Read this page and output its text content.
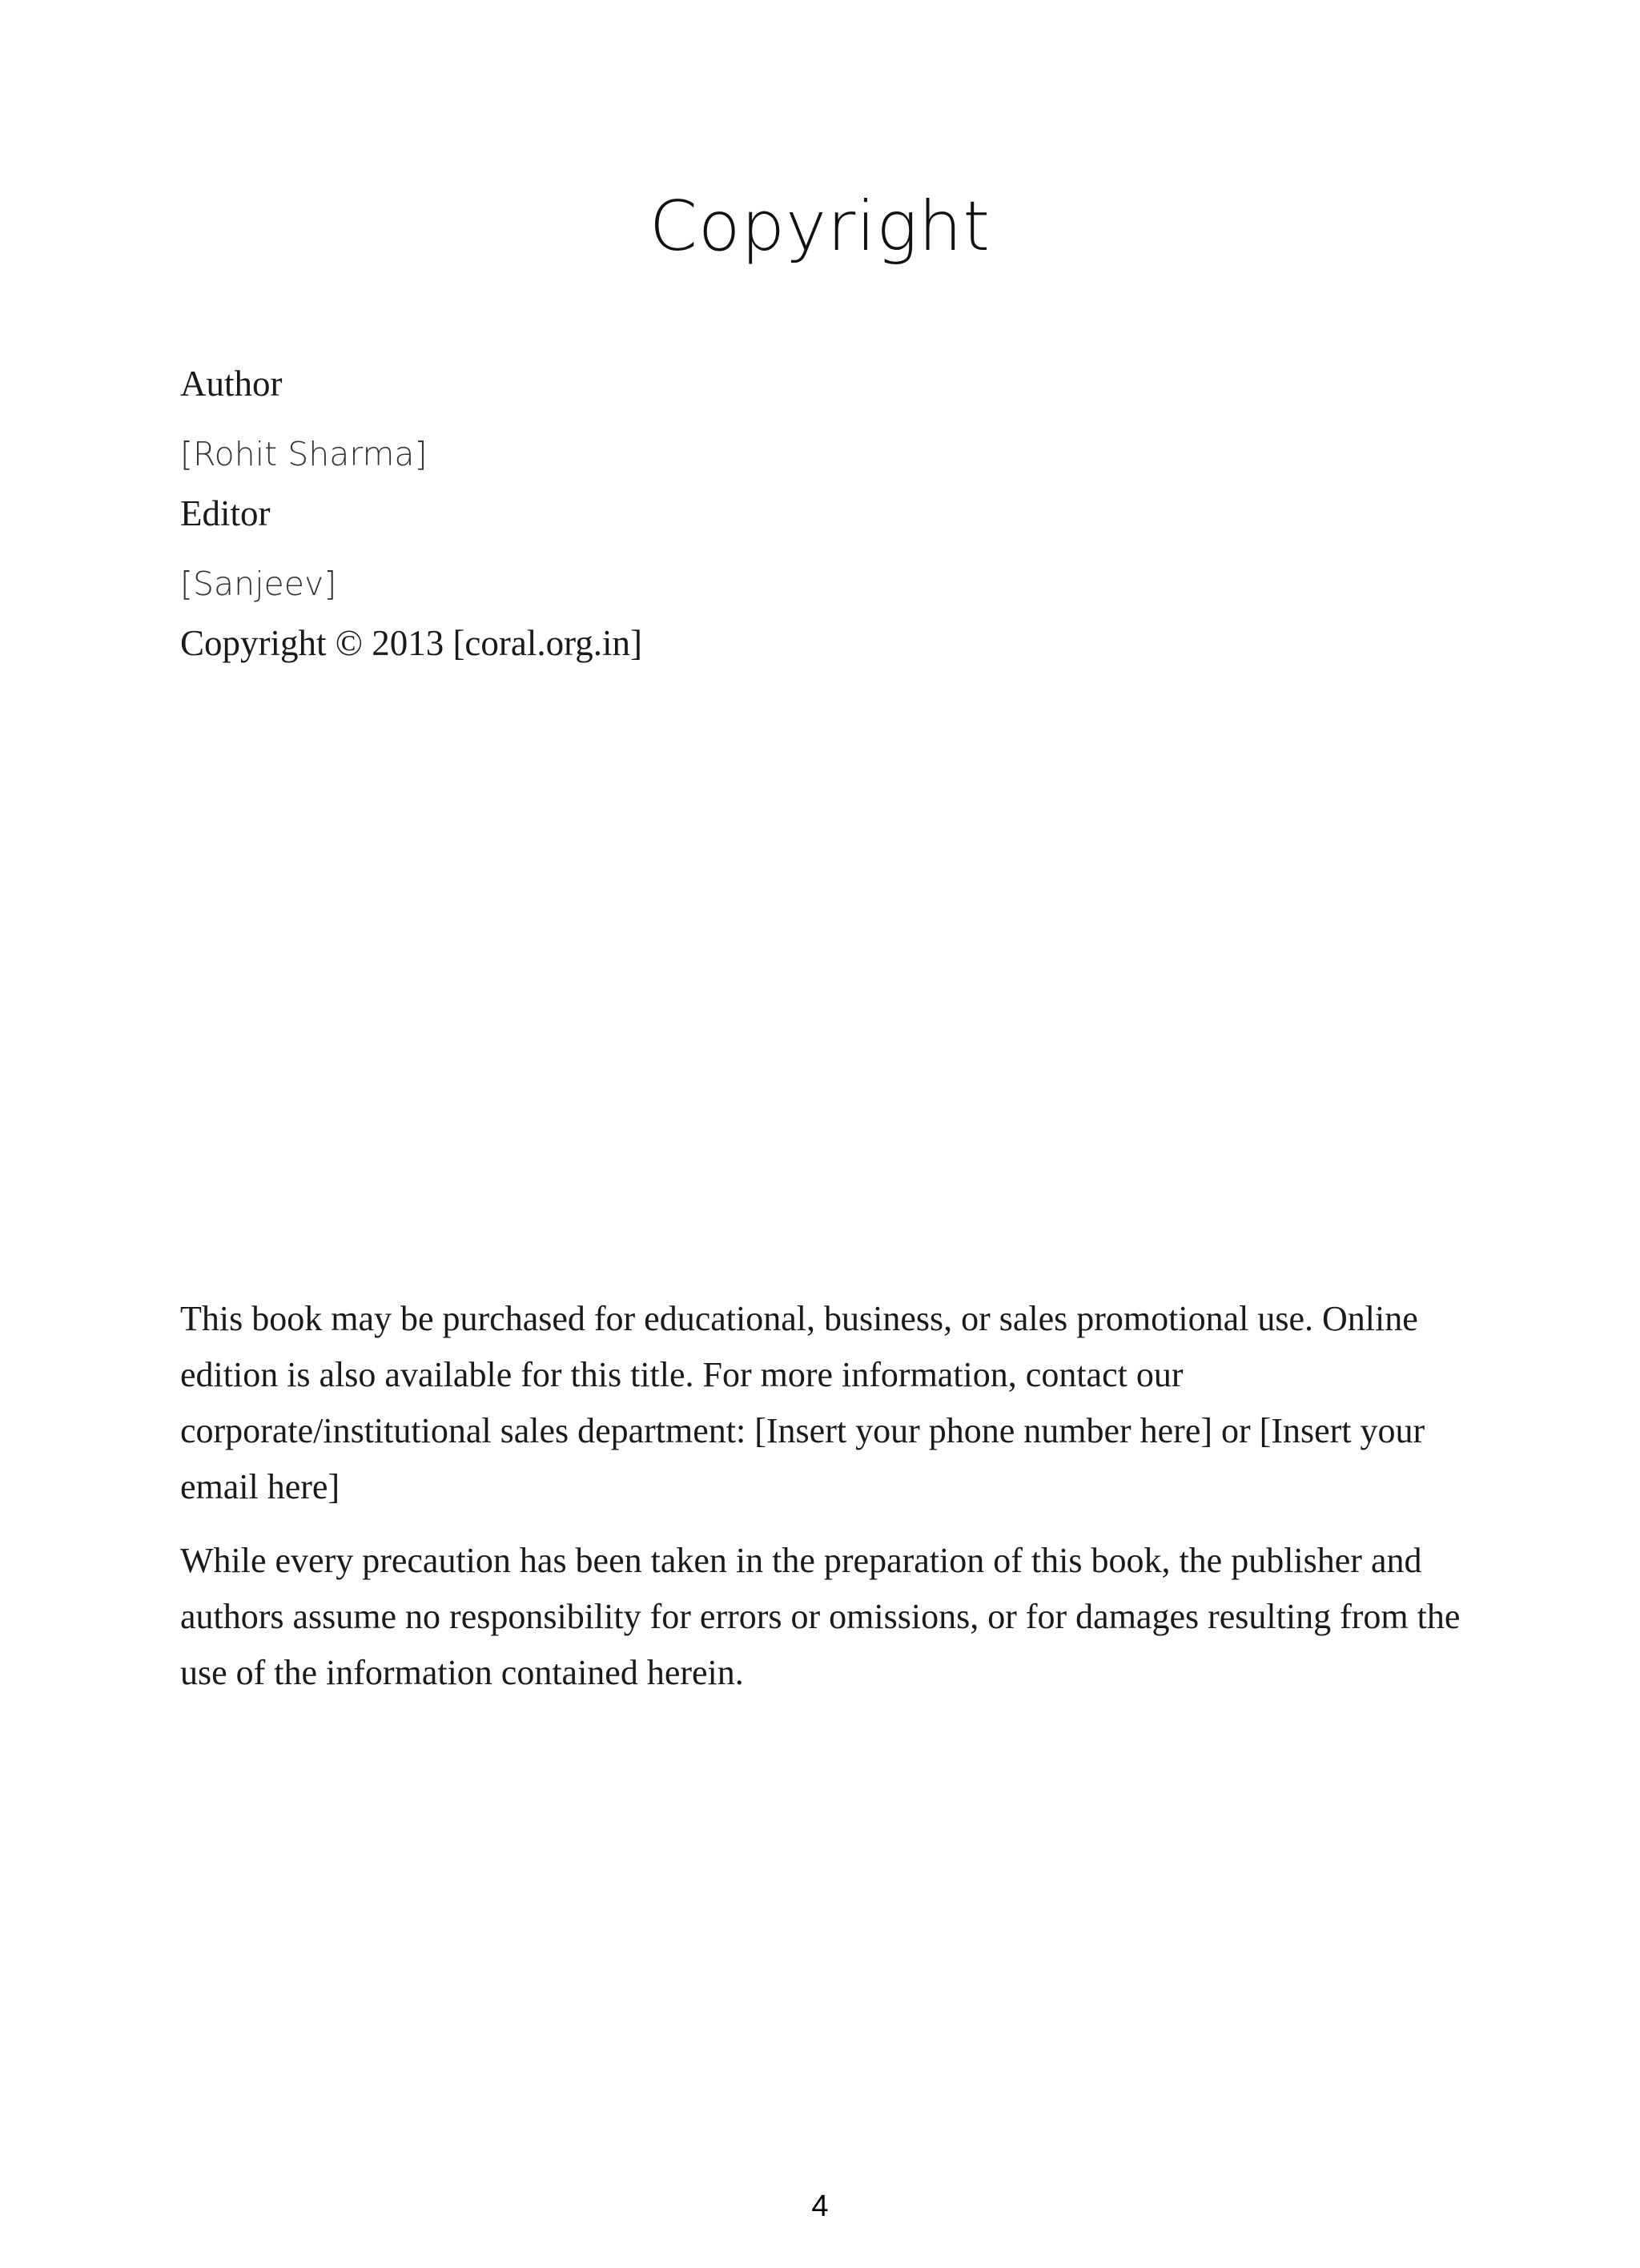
Copyright
Author
[Rohit Sharma]
Editor
[Sanjeev]
Copyright © 2013 [coral.org.in]

This book may be purchased for educational, business, or sales promotional use. Online edition is also available for this title. For more information, contact our corporate/institutional sales department: [Insert your phone number here] or [Insert your email here]

While every precaution has been taken in the preparation of this book, the publisher and authors assume no responsibility for errors or omissions, or for damages resulting from the use of the information contained herein.

4
